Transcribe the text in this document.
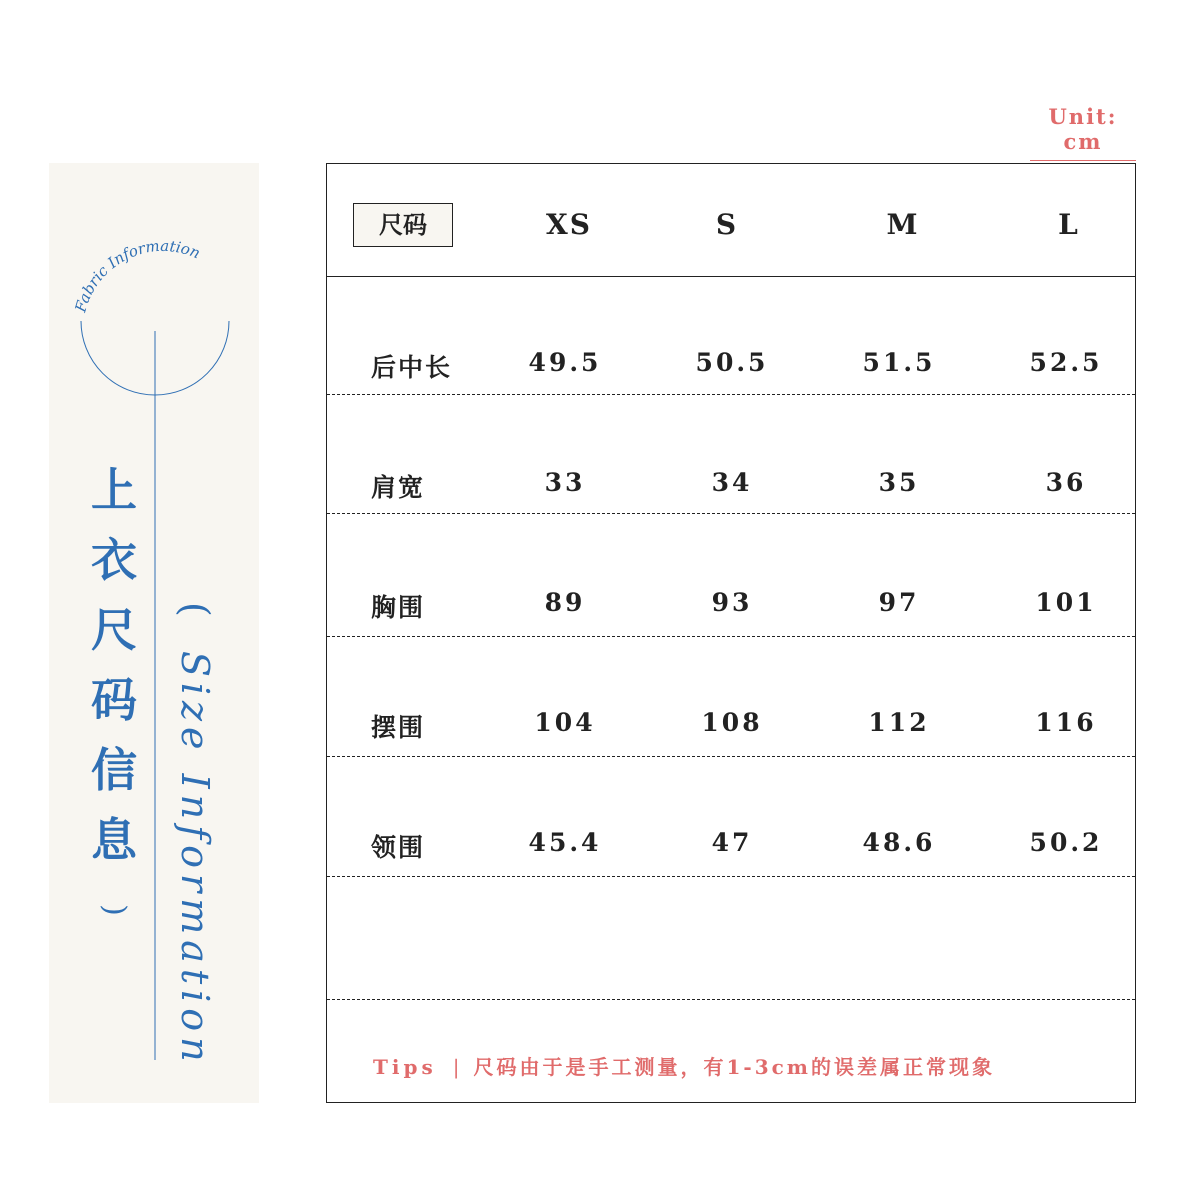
Unit: cm
Fabric Information
上
衣
尺
码
信
息
)
(Size Information
尺码	XS	S	M	L
后中长	49.5	50.5	51.5	52.5
肩宽	33	34	35	36
胸围	89	93	97	101
摆围	104	108	112	116
领围	45.4	47	48.6	50.2
Tips | 尺码由于是手工测量，有1-3cm的误差属正常现象
